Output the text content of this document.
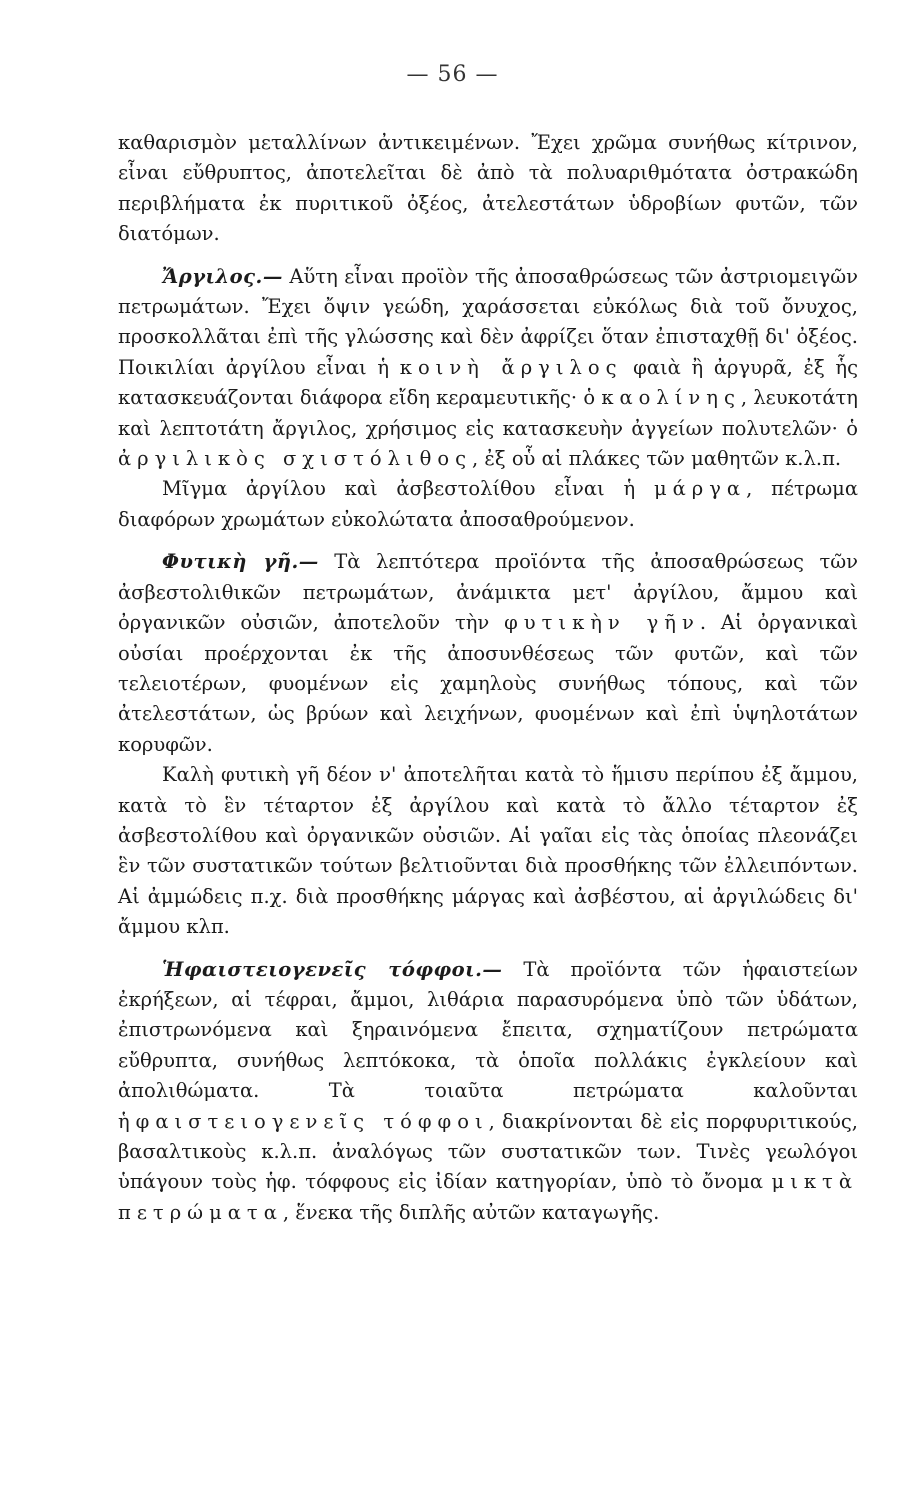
— 56 —

καθαρισμὸν μεταλλίνων ἀντικειμένων. Ἔχει χρῶμα συνήθως κίτρινον, εἶναι εὔθρυπτος, ἀποτελεῖται δὲ ἀπὸ τὰ πολυαριθμότατα ὀστρακώδη περιβλήματα ἐκ πυριτικοῦ ὀξέος, ἀτελεστάτων ὑδροβίων φυτῶν, τῶν διατόμων.

Ἄργιλος.— Αὕτη εἶναι προϊὸν τῆς ἀποσαθρώσεως τῶν ἀστριομειγῶν πετρωμάτων. Ἔχει ὄψιν γεώδη, χαράσσεται εὐκόλως διὰ τοῦ ὄνυχος, προσκολλᾶται ἐπὶ τῆς γλώσσης καὶ δὲν ἀφρίζει ὅταν ἐπισταχθῇ δι' ὀξέος. Ποικιλίαι ἀργίλου εἶναι ἡ κοινὴ ἄργιλος φαιὰ ἢ ἀργυρᾶ, ἐξ ἧς κατασκευάζονται διάφορα εἴδη κεραμευτικῆς· ὁ καολίνης, λευκοτάτη καὶ λεπτοτάτη ἄργιλος, χρήσιμος εἰς κατασκευὴν ἀγγείων πολυτελῶν· ὁ ἀργιλικὸς σχιστόλιθος, ἐξ οὗ αἱ πλάκες τῶν μαθητῶν κ.λ.π.

Μῖγμα ἀργίλου καὶ ἀσβεστολίθου εἶναι ἡ μάργα, πέτρωμα διαφόρων χρωμάτων εὐκολώτατα ἀποσαθρούμενον.

Φυτικὴ γῆ.— Τὰ λεπτότερα προϊόντα τῆς ἀποσαθρώσεως τῶν ἀσβεστολιθικῶν πετρωμάτων, ἀνάμικτα μετ' ἀργίλου, ἄμμου καὶ ὀργανικῶν οὐσιῶν, ἀποτελοῦν τὴν φυτικὴν γῆν. Αἱ ὀργανικαὶ οὐσίαι προέρχονται ἐκ τῆς ἀποσυνθέσεως τῶν φυτῶν, καὶ τῶν τελειοτέρων, φυομένων εἰς χαμηλοὺς συνήθως τόπους, καὶ τῶν ἀτελεστάτων, ὡς βρύων καὶ λειχήνων, φυομένων καὶ ἐπὶ ὑψηλοτάτων κορυφῶν.

Καλὴ φυτικὴ γῆ δέον ν' ἀποτελῆται κατὰ τὸ ἥμισυ περίπου ἐξ ἄμμου, κατὰ τὸ ἓν τέταρτον ἐξ ἀργίλου καὶ κατὰ τὸ ἄλλο τέταρτον ἐξ ἀσβεστολίθου καὶ ὀργανικῶν οὐσιῶν. Αἱ γαῖαι εἰς τὰς ὁποίας πλεονάζει ἓν τῶν συστατικῶν τούτων βελτιοῦνται διὰ προσθήκης τῶν ἐλλειπόντων. Αἱ ἀμμώδεις π.χ. διὰ προσθήκης μάργας καὶ ἀσβέστου, αἱ ἀργιλώδεις δι' ἄμμου κλπ.

Ἡφαιστειογενεῖς τόφφοι.— Τὰ προϊόντα τῶν ἡφαιστείων ἐκρήξεων, αἱ τέφραι, ἄμμοι, λιθάρια παρασυρόμενα ὑπὸ τῶν ὑδάτων, ἐπιστρωνόμενα καὶ ξηραινόμενα ἔπειτα, σχηματίζουν πετρώματα εὔθρυπτα, συνήθως λεπτόκοκα, τὰ ὁποῖα πολλάκις ἐγκλείουν καὶ ἀπολιθώματα. Τὰ τοιαῦτα πετρώματα καλοῦνται ἡφαιστειογενεῖς τόφφοι, διακρίνονται δὲ εἰς πορφυριτικούς, βασαλτικοὺς κ.λ.π. ἀναλόγως τῶν συστατικῶν των. Τινὲς γεωλόγοι ὑπάγουν τοὺς ἡφ. τόφφους εἰς ἰδίαν κατηγορίαν, ὑπὸ τὸ ὄνομα μικτὰ πετρώματα, ἕνεκα τῆς διπλῆς αὐτῶν καταγωγῆς.
